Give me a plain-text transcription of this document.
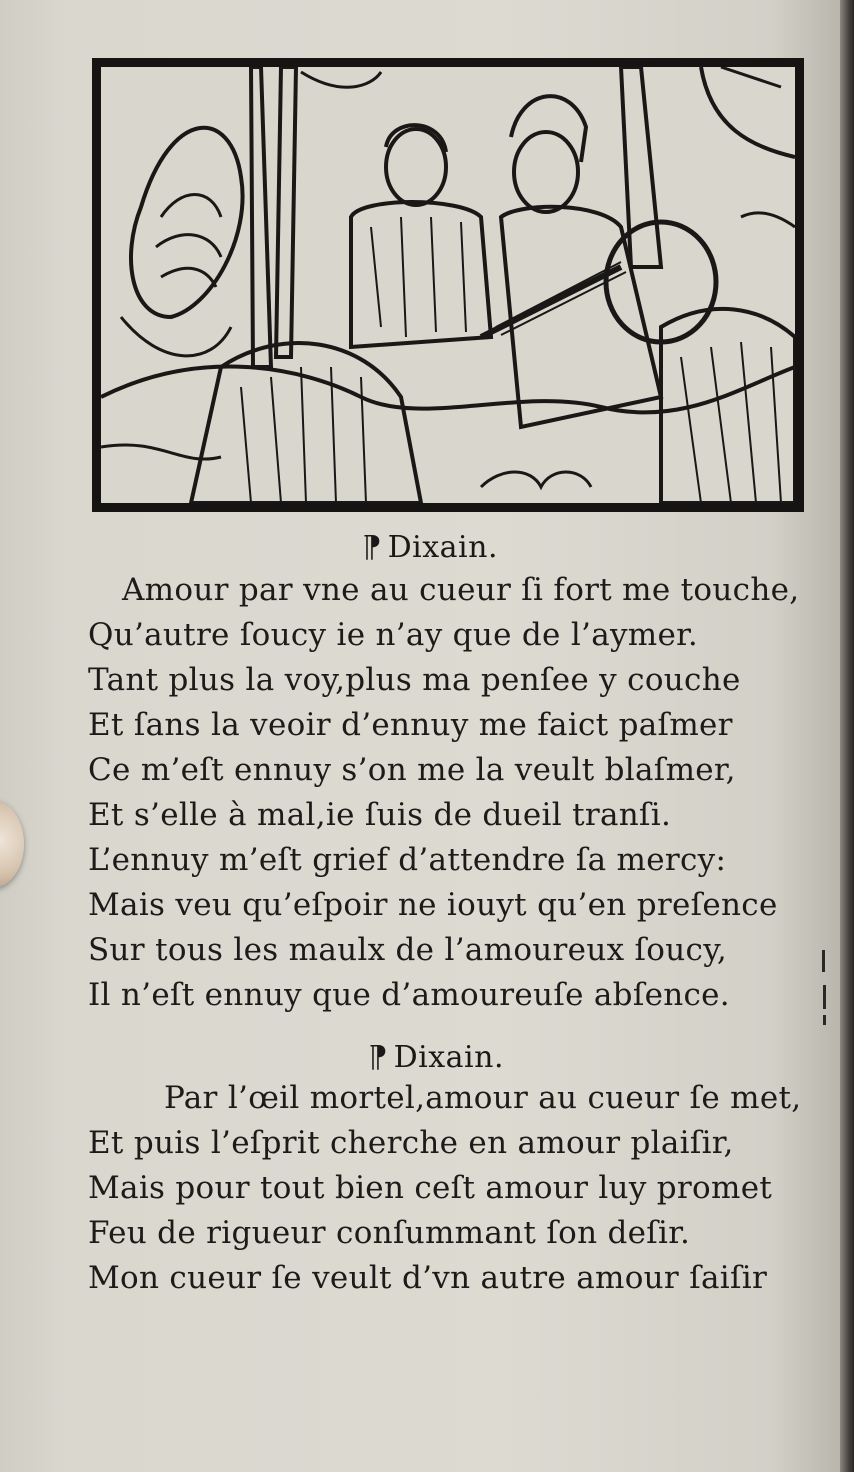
¶ Dixain.
Amour par vne au cueur ſi fort me touche,
Qu’autre ſoucy ie n’ay que de l’aymer.
Tant plus la voy,plus ma penſee y couche
Et ſans la veoir d’ennuy me faict paſmer
Ce m’eſt ennuy s’on me la veult blaſmer,
Et s’elle à mal,ie ſuis de dueil tranſi.
L’ennuy m’eſt grief d’attendre ſa mercy:
Mais veu qu’eſpoir ne iouyt qu’en preſence
Sur tous les maulx de l’amoureux ſoucy,
Il n’eſt ennuy que d’amoureuſe abſence.
¶ Dixain.
Par l’œil mortel,amour au cueur ſe met,
Et puis l’eſprit cherche en amour plaiſir,
Mais pour tout bien ceſt amour luy promet
Feu de rigueur conſummant ſon deſir.
Mon cueur ſe veult d’vn autre amour ſaiſir
